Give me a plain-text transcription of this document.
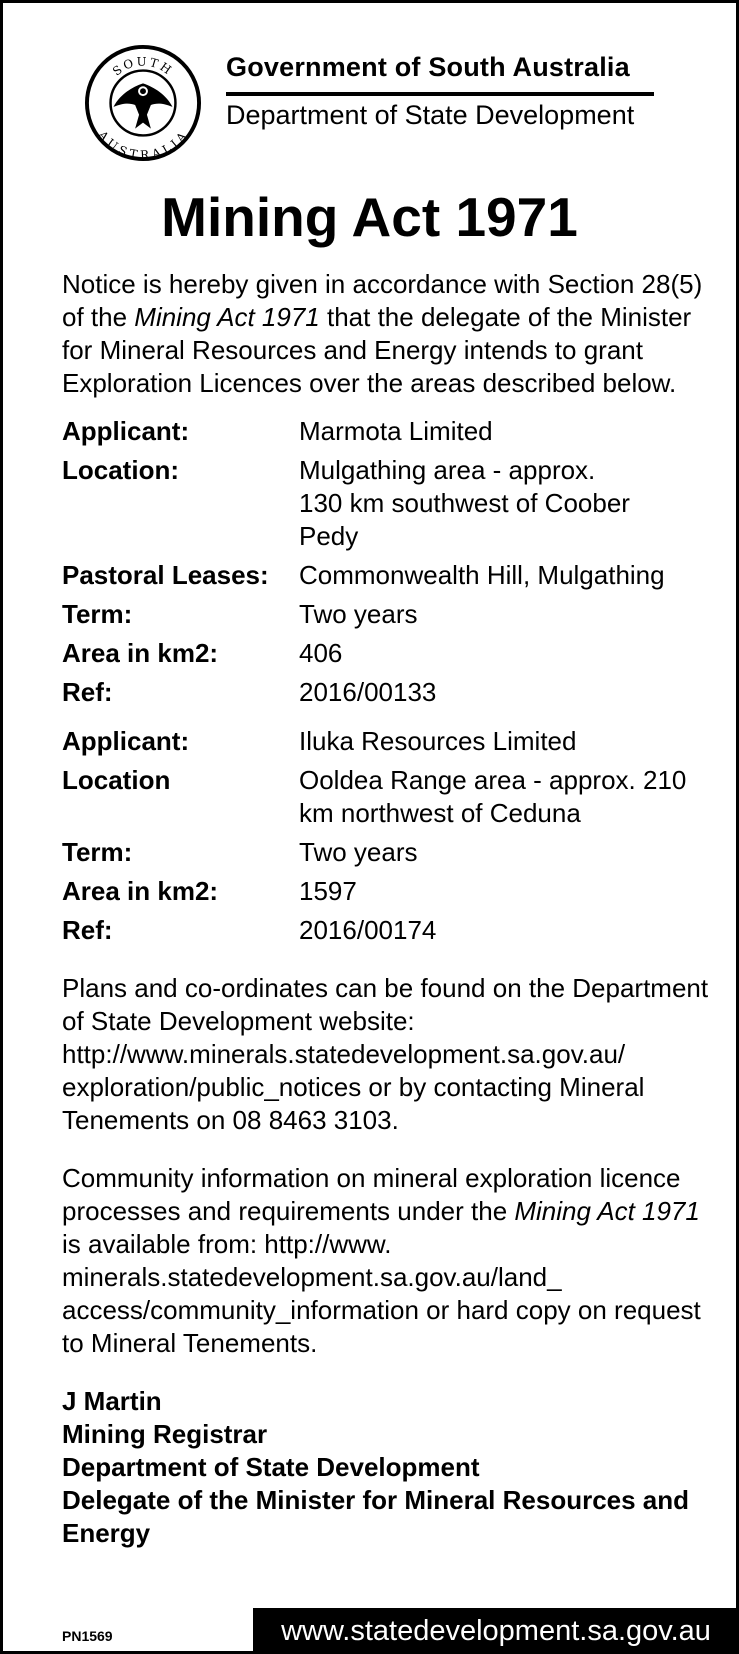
SOUTH
AUSTRALIA
Government of South Australia
Department of State Development
Mining Act 1971

Notice is hereby given in accordance with Section 28(5) of the Mining Act 1971 that the delegate of the Minister for Mineral Resources and Energy intends to grant Exploration Licences over the areas described below.

Applicant:	Marmota Limited
Location:	Mulgathing area - approx. 130 km southwest of Coober Pedy
Pastoral Leases:	Commonwealth Hill, Mulgathing
Term:	Two years
Area in km2:	406
Ref:	2016/00133
Applicant:	Iluka Resources Limited
Location	Ooldea Range area - approx. 210 km northwest of Ceduna
Term:	Two years
Area in km2:	1597
Ref:	2016/00174

Plans and co-ordinates can be found on the Department of State Development website: http://www.minerals.statedevelopment.sa.gov.au/ exploration/public_notices or by contacting Mineral Tenements on 08 8463 3103.

Community information on mineral exploration licence processes and requirements under the Mining Act 1971 is available from: http://www. minerals.statedevelopment.sa.gov.au/land_ access/community_information or hard copy on request to Mineral Tenements.

J Martin
Mining Registrar
Department of State Development
Delegate of the Minister for Mineral Resources and Energy
PN1569	www.statedevelopment.sa.gov.au
